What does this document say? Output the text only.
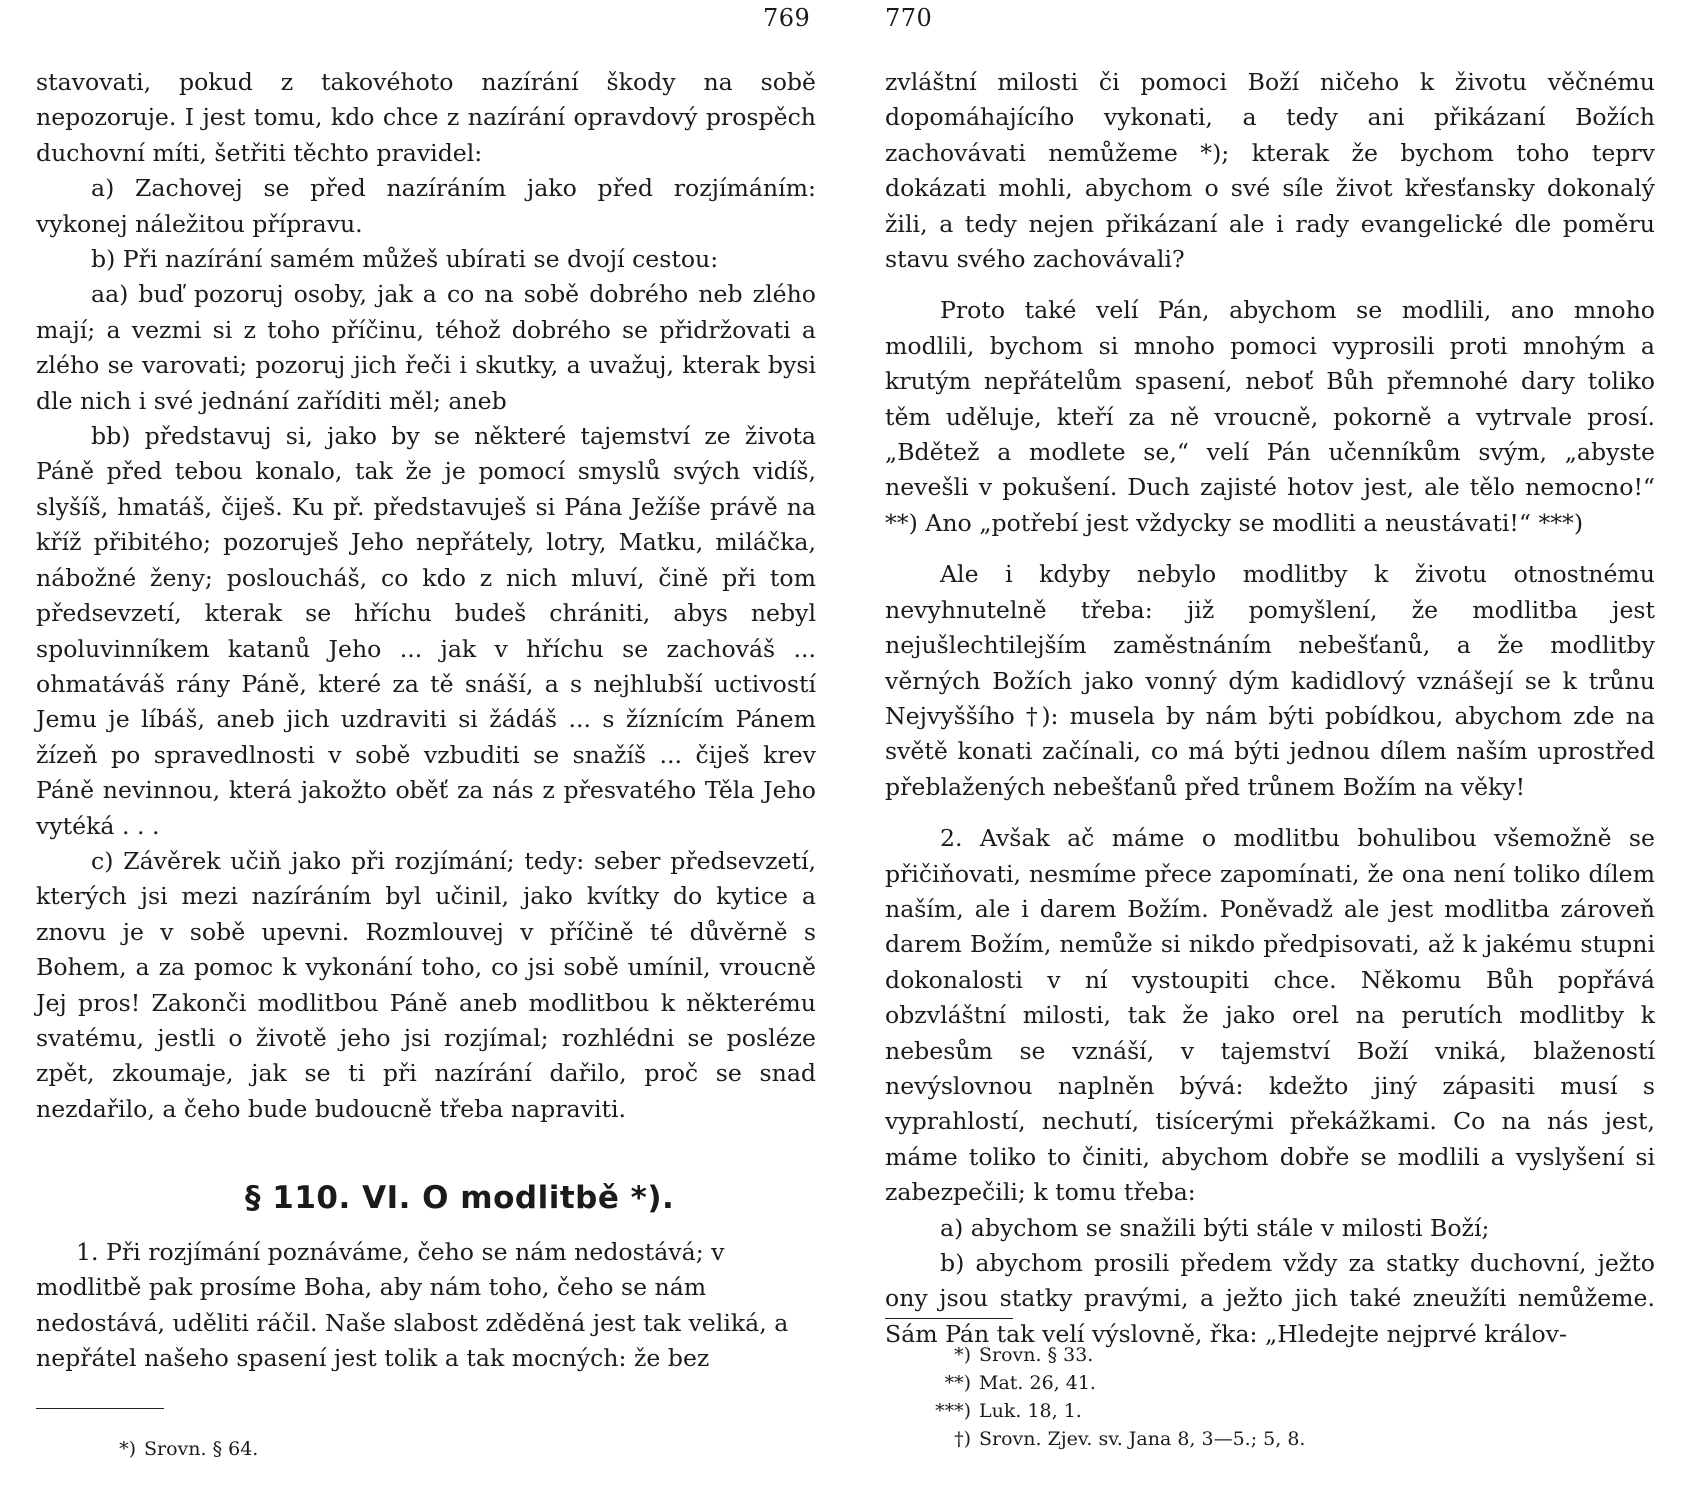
769

stavovati, pokud z takovéhoto nazírání škody na sobě nepozoruje. I jest tomu, kdo chce z nazírání opravdový prospěch duchovní míti, šetřiti těchto pravidel:

a) Zachovej se před nazíráním jako před rozjímáním: vykonej náležitou přípravu.

b) Při nazírání samém můžeš ubírati se dvojí cestou:

aa) buď pozoruj osoby, jak a co na sobě dobrého neb zlého mají; a vezmi si z toho příčinu, téhož dobrého se přidržovati a zlého se varovati; pozoruj jich řeči i skutky, a uvažuj, kterak bysi dle nich i své jednání zaříditi měl; aneb

bb) představuj si, jako by se některé tajemství ze života Páně před tebou konalo, tak že je pomocí smyslů svých vidíš, slyšíš, hmatáš, čiješ. Ku př. představuješ si Pána Ježíše právě na kříž přibitého; pozoruješ Jeho nepřátely, lotry, Matku, miláčka, nábožné ženy; posloucháš, co kdo z nich mluví, čině při tom předsevzetí, kterak se hříchu budeš chrániti, abys nebyl spoluvinníkem katanů Jeho ... jak v hříchu se zachováš ... ohmatáváš rány Páně, které za tě snáší, a s nejhlubší uctivostí Jemu je líbáš, aneb jich uzdraviti si žádáš ... s žíznícím Pánem žízeň po spravedlnosti v sobě vzbuditi se snažíš ... čiješ krev Páně nevinnou, která jakožto oběť za nás z přesvatého Těla Jeho vytéká . . .

c) Závěrek učiň jako při rozjímání; tedy: seber předsevzetí, kterých jsi mezi nazíráním byl učinil, jako kvítky do kytice a znovu je v sobě upevni. Rozmlouvej v příčině té důvěrně s Bohem, a za pomoc k vykonání toho, co jsi sobě umínil, vroucně Jej pros! Zakonči modlitbou Páně aneb modlitbou k některému svatému, jestli o životě jeho jsi rozjímal; rozhlédni se posléze zpět, zkoumaje, jak se ti při nazírání dařilo, proč se snad nezdařilo, a čeho bude budoucně třeba napraviti.

§ 110. VI. O modlitbě *).

1. Při rozjímání poznáváme, čeho se nám nedostává; v modlitbě pak prosíme Boha, aby nám toho, čeho se nám nedostává, uděliti ráčil. Naše slabost zděděná jest tak veliká, a nepřátel našeho spasení jest tolik a tak mocných: že bez

*) Srovn. § 64.
770

zvláštní milosti či pomoci Boží ničeho k životu věčnému dopomáhajícího vykonati, a tedy ani přikázaní Božích zachovávati nemůžeme *); kterak že bychom toho teprv dokázati mohli, abychom o své síle život křesťansky dokonalý žili, a tedy nejen přikázaní ale i rady evangelické dle poměru stavu svého zachovávali?

Proto také velí Pán, abychom se modlili, ano mnoho modlili, bychom si mnoho pomoci vyprosili proti mnohým a krutým nepřátelům spasení, neboť Bůh přemnohé dary toliko těm uděluje, kteří za ně vroucně, pokorně a vytrvale prosí. „Bdětež a modlete se,“ velí Pán učenníkům svým, „abyste nevešli v pokušení. Duch zajisté hotov jest, ale tělo nemocno!“ **) Ano „potřebí jest vždycky se modliti a neustávati!“ ***)

Ale i kdyby nebylo modlitby k životu otnostnému nevyhnutelně třeba: již pomyšlení, že modlitba jest nejušlechtilejším zaměstnáním nebešťanů, a že modlitby věrných Božích jako vonný dým kadidlový vznášejí se k trůnu Nejvyššího †): musela by nám býti pobídkou, abychom zde na světě konati začínali, co má býti jednou dílem naším uprostřed přeblažených nebešťanů před trůnem Božím na věky!

2. Avšak ač máme o modlitbu bohulibou všemožně se přičiňovati, nesmíme přece zapomínati, že ona není toliko dílem naším, ale i darem Božím. Poněvadž ale jest modlitba zároveň darem Božím, nemůže si nikdo předpisovati, až k jakému stupni dokonalosti v ní vystoupiti chce. Někomu Bůh popřává obzvláštní milosti, tak že jako orel na perutích modlitby k nebesům se vznáší, v tajemství Boží vniká, blažeností nevýslovnou naplněn bývá: kdežto jiný zápasiti musí s vyprahlostí, nechutí, tisícerými překážkami. Co na nás jest, máme toliko to činiti, abychom dobře se modlili a vyslyšení si zabezpečili; k tomu třeba:

a) abychom se snažili býti stále v milosti Boží;

b) abychom prosili předem vždy za statky duchovní, ježto ony jsou statky pravými, a ježto jich také zneužíti nemůžeme. Sám Pán tak velí výslovně, řka: „Hledejte nejprvé králov-

*) Srovn. § 33.
**) Mat. 26, 41.
***) Luk. 18, 1.
†) Srovn. Zjev. sv. Jana 8, 3—5.; 5, 8.
